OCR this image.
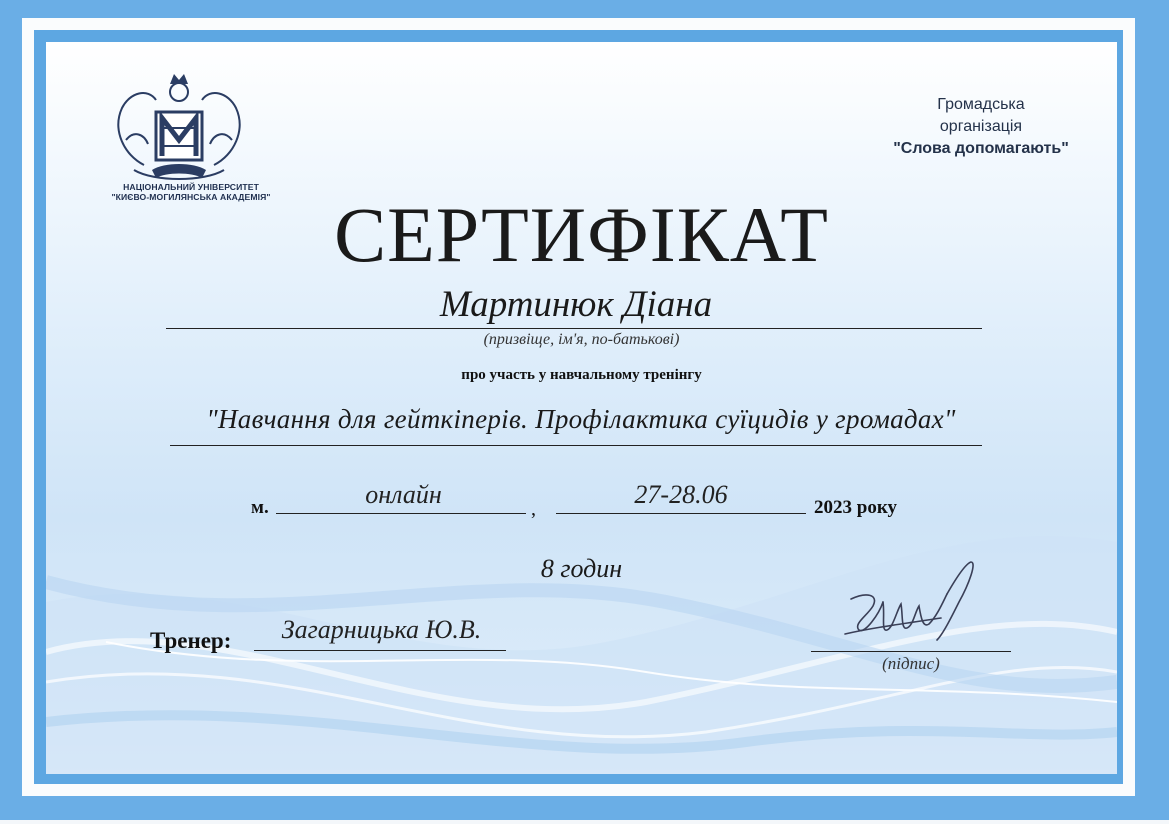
НАЦІОНАЛЬНИЙ УНІВЕРСИТЕТ
"КИЄВО-МОГИЛЯНСЬКА АКАДЕМІЯ"
Громадська
організація
"Слова допомагають"
СЕРТИФІКАТ
Мартинюк Діана
(призвіще, ім'я, по-батькові)
про участь у навчальному тренінгу
"Навчання для гейткіперів. Профілактика суїцидів у громадах"
м.	онлайн	,	27-28.06	2023 року
8 годин
Тренер:	Загарницька Ю.В.
(підпис)
